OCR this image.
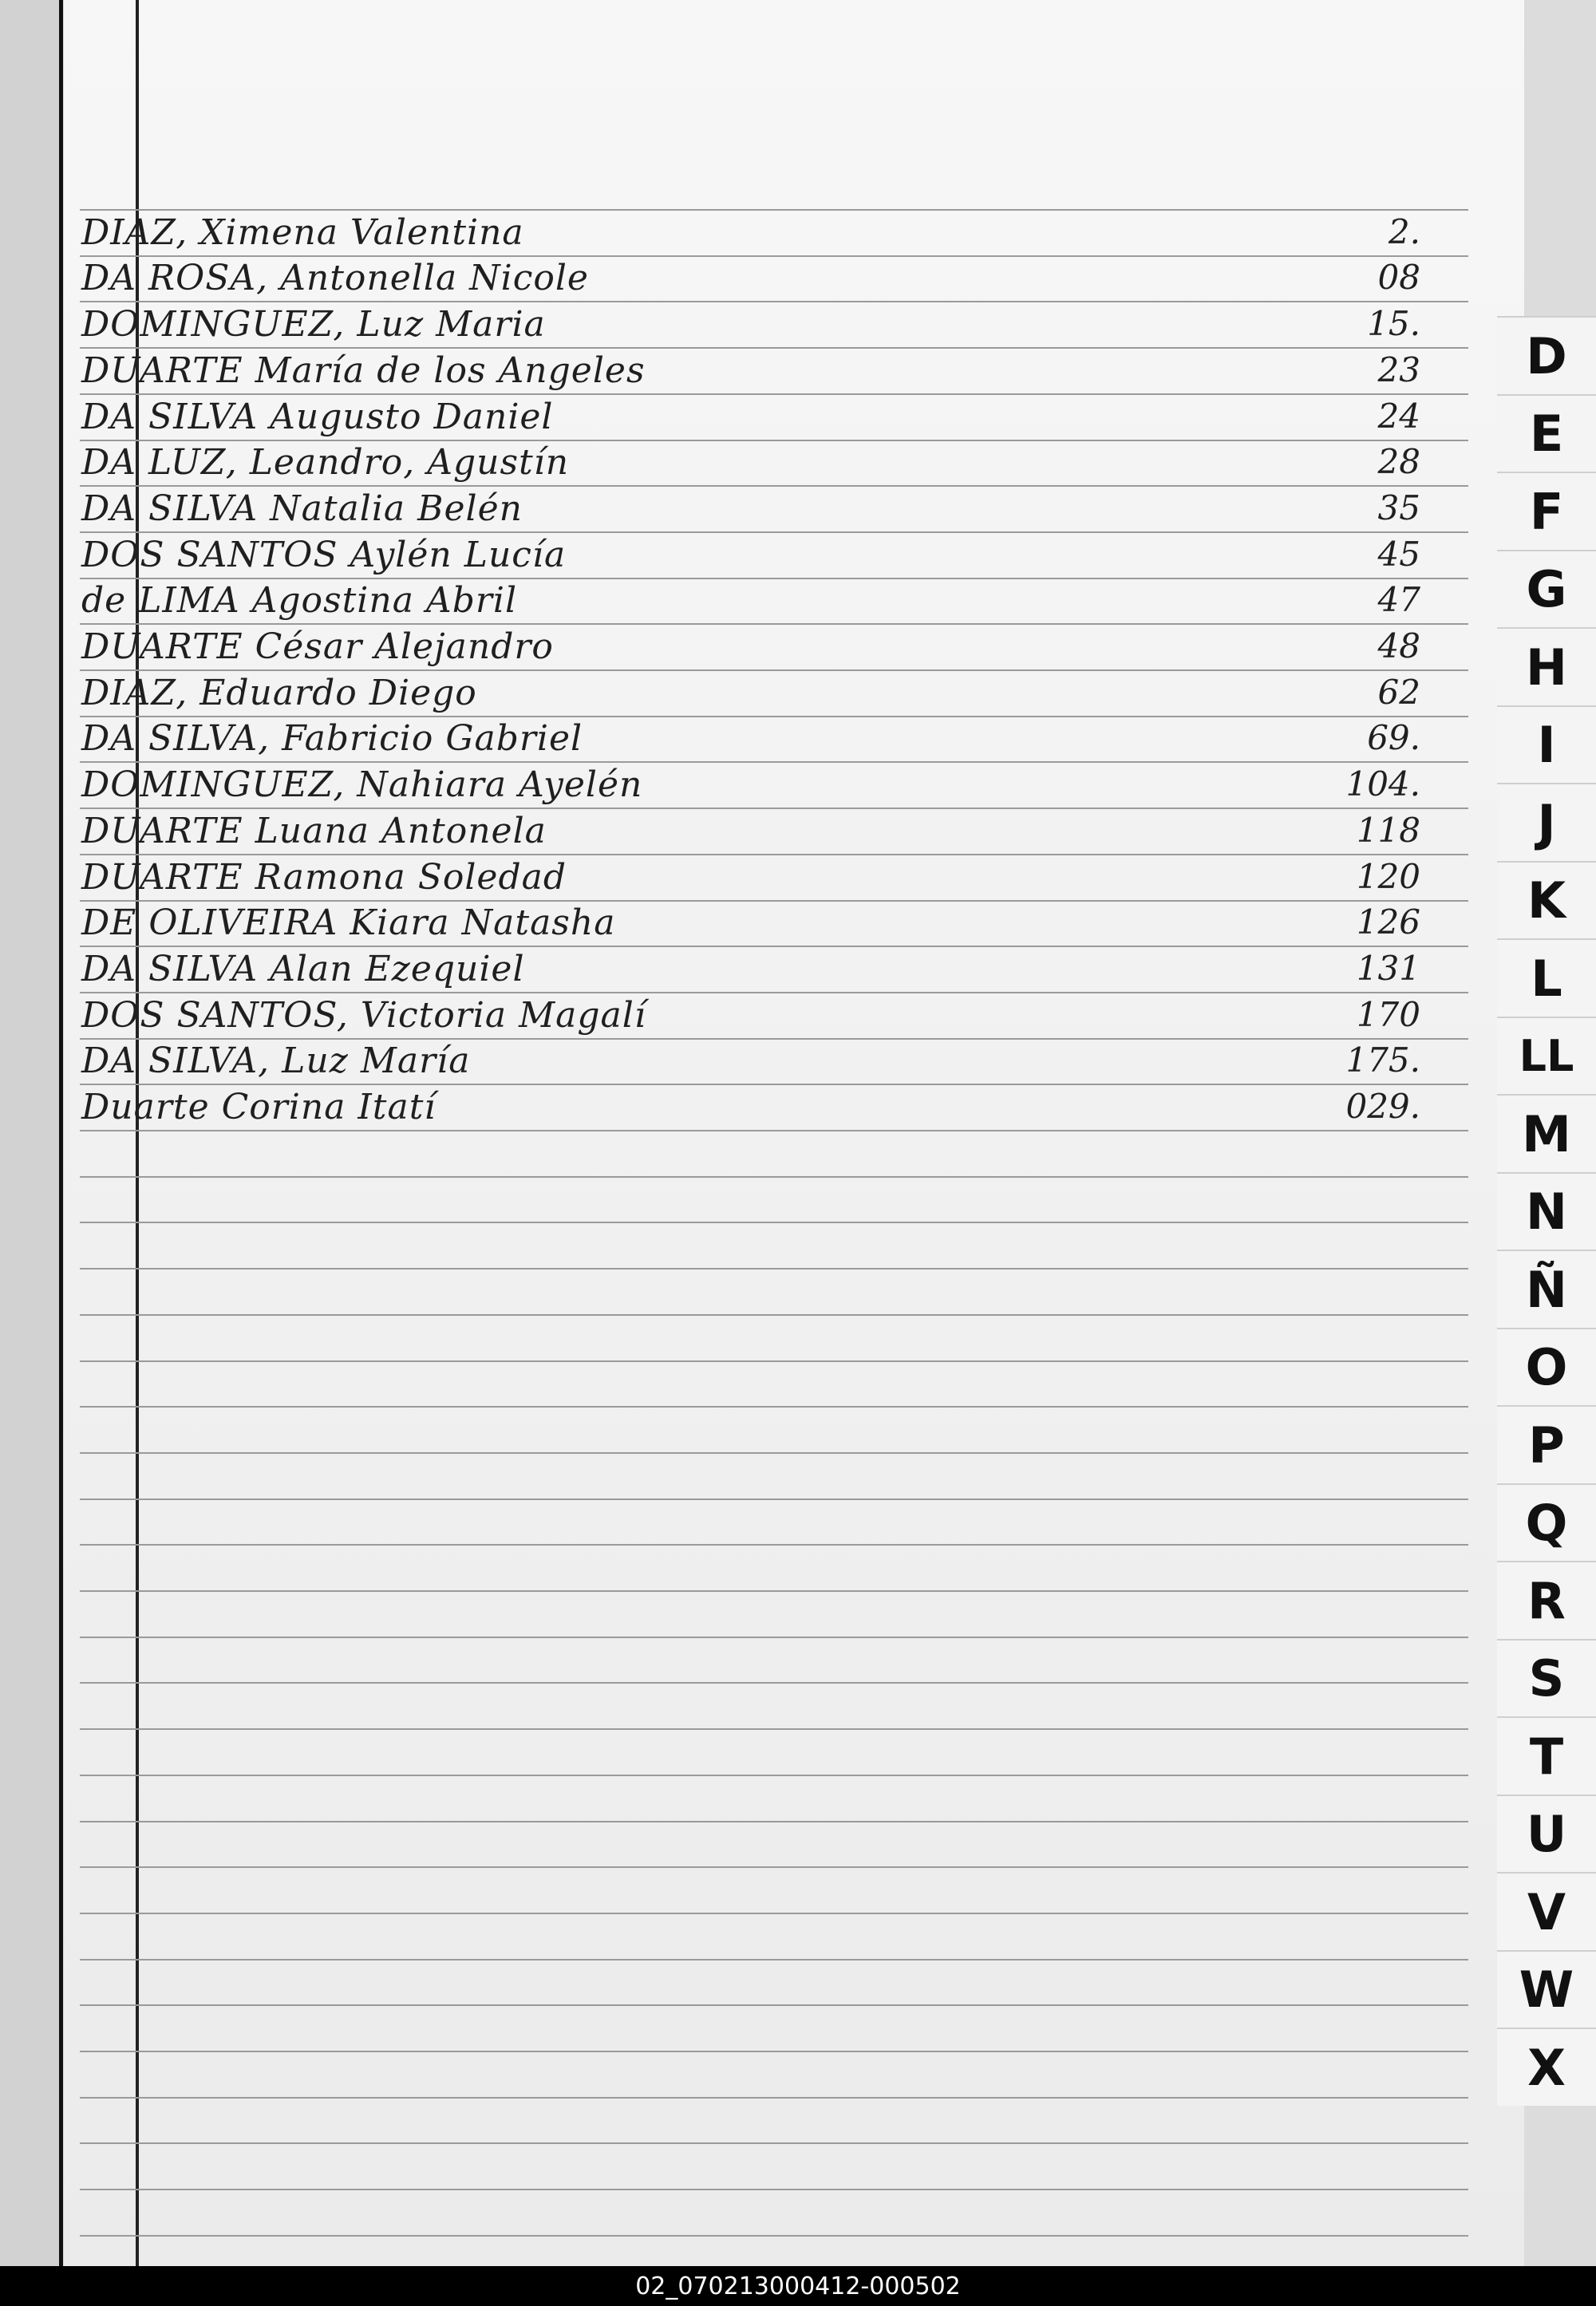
DIAZ, Ximena Valentina	2.
DA ROSA, Antonella Nicole	08
DOMINGUEZ, Luz Maria	15.
DUARTE María de los Angeles	23
DA SILVA Augusto Daniel	24
DA LUZ, Leandro, Agustín	28
DA SILVA Natalia Belén	35
DOS SANTOS Aylén Lucía	45
de LIMA Agostina Abril	47
DUARTE César Alejandro	48
DIAZ, Eduardo Diego	62
DA SILVA, Fabricio Gabriel	69.
DOMINGUEZ, Nahiara Ayelén	104.
DUARTE Luana Antonela	118
DUARTE Ramona Soledad	120
DE OLIVEIRA Kiara Natasha	126
DA SILVA Alan Ezequiel	131
DOS SANTOS, Victoria Magalí	170
DA SILVA, Luz María	175.
Duarte Corina Itatí	029.
D
E
F
G
H
I
J
K
L
LL
M
N
Ñ
O
P
Q
R
S
T
U
V
W
X
02_070213000412-000502
